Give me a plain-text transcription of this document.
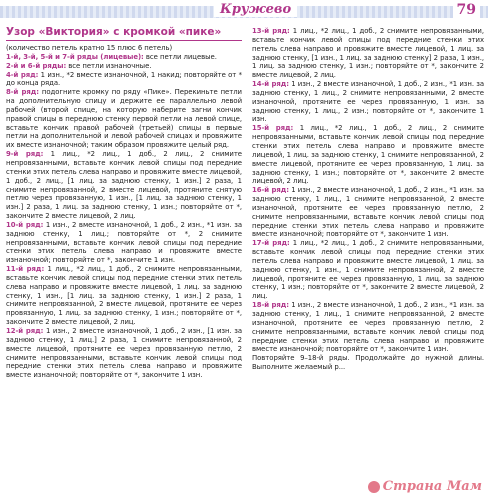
Кружево	79
Узор «Виктория» с кромкой «пике»

(количество петель кратно 15 плюс 6 петель)

1-й, 3-й, 5-й и 7-й ряды (лицевые): все петли лицевые.

2-й и 6-й ряды: все петли изнаночные.

4-й ряд: 1 изн., *2 вместе изнаночной, 1 накид; повторяйте от * до конца ряда.

8-й ряд: подогните кромку по ряду «Пике». Перекиньте петли на дополнительную спицу и держите ее параллельно левой рабочей (второй спице, на которую наберите загни кончик правой спицы в переднюю стенку первой петли на левой спице, вставьте кончик правой рабочей (третьей) спицы в первые петли на дополнительной и левой рабочей спицах и провяжите их вместе изнаночной; таким образом провяжите целый ряд.

9-й ряд: 1 лиц., *2 лиц., 1 доб., 2 лиц., 2 снимите непровязанными, вставьте кончик левой спицы под передние стенки этих петель слева направо и провяжите вместе лицевой, 1 доб., 2 лиц., [1 лиц. за заднюю стенку, 1 изн.] 2 раза, 1 снимите непровязанной, 2 вместе лицевой, протяните снятую петлю через провязанную, 1 изн., [1 лиц. за заднюю стенку, 1 изн.] 2 раза, 1 лиц. за заднюю стенку, 1 изн.; повторяйте от *, закончите 2 вместе лицевой, 2 лиц.

10-й ряд: 1 изн., 2 вместе изнаночной, 1 доб., 2 изн., *1 изн. за заднюю стенку, 1 лиц.; повторяйте от *, 2 снимите непровязанными, вставьте кончик левой спицы под передние стенки этих петель слева направо и провяжите вместе изнаночной; повторяйте от *, закончите 1 изн.

11-й ряд: 1 лиц., *2 лиц., 1 доб., 2 снимите непровязанными, вставьте кончик левой спицы под передние стенки этих петель слева направо и провяжите вместе лицевой, 1 лиц. за заднюю стенку, 1 изн., [1 лиц. за заднюю стенку, 1 изн.] 2 раза, 1 снимите непровязанной, 2 вместе лицевой, протяните ее через провязанную, 1 лиц. за заднюю стенку, 1 изн.; повторяйте от *, закончите 2 вместе лицевой, 2 лиц.

12-й ряд: 1 изн., 2 вместе изнаночной, 1 доб., 2 изн., [1 изн. за заднюю стенку, 1 лиц.] 2 раза, 1 снимите непровязанной, 2 вместе лицевой, протяните ее через провязанную петлю, 2 снимите непровязанными, вставьте кончик левой спицы под передние стенки этих петель слева направо и провяжите вместе изнаночной; повторяйте от *, закончите 1 изн.

13-й ряд: 1 лиц., *2 лиц., 1 доб., 2 снимите непровязанными, вставьте кончик левой спицы под передние стенки этих петель слева направо и провяжите вместе лицевой, 1 лиц. за заднюю стенку, [1 изн., 1 лиц. за заднюю стенку] 2 раза, 1 изн., 1 лиц. за заднюю стенку, 1 изн.; повторяйте от *, закончите 2 вместе лицевой, 2 лиц.

14-й ряд: 1 изн., 2 вместе изнаночной, 1 доб., 2 изн., *1 изн. за заднюю стенку, 1 лиц., 2 снимите непровязанными, 2 вместе изнаночной, протяните ее через провязанную, 1 изн. за заднюю стенку, 1 лиц., 2 изн.; повторяйте от *, закончите 1 изн.

15-й ряд: 1 лиц., *2 лиц., 1 доб., 2 лиц., 2 снимите непровязанными, вставьте кончик левой спицы под передние стенки этих петель слева направо и провяжите вместе лицевой, 1 лиц. за заднюю стенку, 1 снимите непровязанной, 2 вместе лицевой, протяните ее через провязанную, 1 лиц. за заднюю стенку, 1 изн.; повторяйте от *, закончите 2 вместе лицевой, 2 лиц.

16-й ряд: 1 изн., 2 вместе изнаночной, 1 доб., 2 изн., *1 изн. за заднюю стенку, 1 лиц., 1 снимите непровязанной, 2 вместе изнаночной, протяните ее через провязанную петлю, 2 снимите непровязанными, вставьте кончик левой спицы под передние стенки этих петель слева направо и провяжите вместе изнаночной; повторяйте от *, закончите 1 изн.

17-й ряд: 1 лиц., *2 лиц., 1 доб., 2 снимите непровязанными, вставьте кончик левой спицы под передние стенки этих петель слева направо и провяжите вместе лицевой, 1 лиц. за заднюю стенку, 1 изн., 1 снимите непровязанной, 2 вместе лицевой, протяните ее через провязанную, 1 лиц. за заднюю стенку, 1 изн.; повторяйте от *, закончите 2 вместе лицевой, 2 лиц.

18-й ряд: 1 изн., 2 вместе изнаночной, 1 доб., 2 изн., *1 изн. за заднюю стенку, 1 лиц., 1 снимите непровязанной, 2 вместе изнаночной, протяните ее через провязанную петлю, 2 снимите непровязанными, вставьте кончик левой спицы под передние стенки этих петель слева направо и провяжите вместе изнаночной; повторяйте от *, закончите 1 изн.

Повторяйте 9–18-й ряды. Продолжайте до нужной длины. Выполните желаемый р...

Страна Мам
